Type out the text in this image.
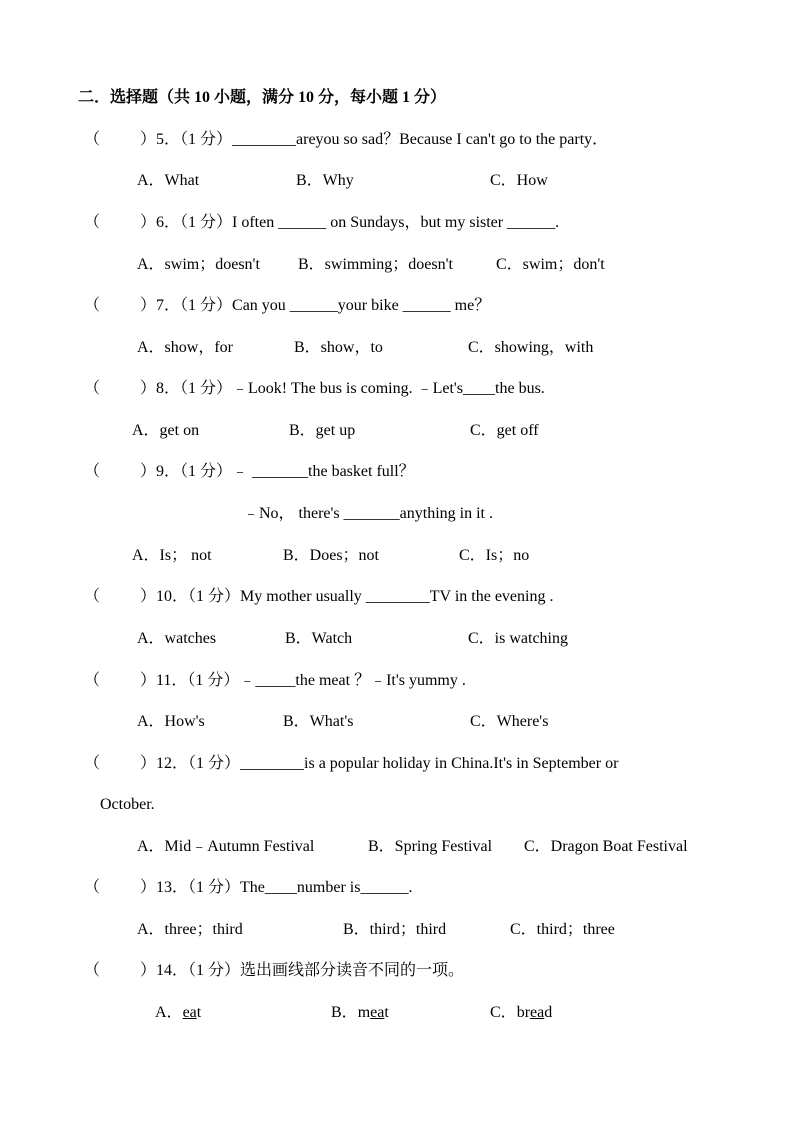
二．选择题（共 10 小题，满分 10 分，每小题 1 分）
（ ）5．（1 分）________areyou so sad？Because I can't go to the party．
A．What	B．Why	C．How
（ ）6．（1 分）I often ______ on Sundays，but my sister ______.
A．swim；doesn't B．swimming；doesn't	C．swim；don't
（ ）7．（1 分）Can you ______your bike ______ me？
A．show，for	B．show，to	C．showing，with
（ ）8．（1 分）﹣Look! The bus is coming. ﹣Let's____the bus.
A．get on	B．get up	C．get off
（ ）9．（1 分）﹣ _______the basket full？
﹣No， there's _______anything in it .
A．Is； not	B．Does；not	C．Is；no
（ ）10．（1 分）My mother usually ________TV in the evening .
A．watches	B．Watch	C．is watching
（ ）11．（1 分）﹣_____the meat ？﹣It's yummy .
A．How's	B．What's	C．Where's
（ ）12．（1 分）________is a popular holiday in China.It's in September or
October.
A．Mid﹣Autumn Festival	B．Spring Festival C．Dragon Boat Festival
（ ）13．（1 分）The____number is______.
A．three；third	B．third；third	C．third；three
（ ）14．（1 分）选出画线部分读音不同的一项。
A．eat	B．meat	C．bread
